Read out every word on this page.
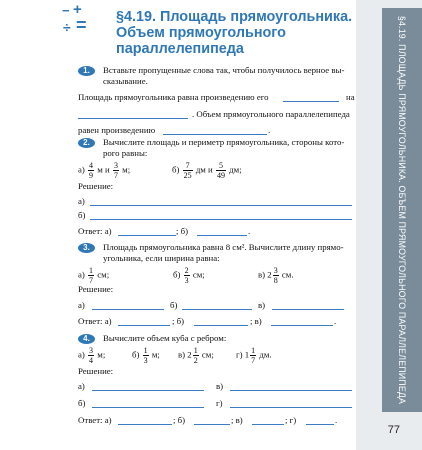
§4.19. ПЛОЩАДЬ ПРЯМОУГОЛЬНИКА. ОБЪЕМ ПРЯМОУГОЛЬНОГО ПАРАЛЛЕЛЕПИПЕДА
77
− +
÷ = §4.19. Площадь прямоугольника.
Объем прямоугольного
параллелепипеда
1.	Вставьте пропущенные слова так, чтобы получилось верное вы-
сказывание.
Площадь прямоугольника равна произведению его	на
. Объем прямоугольного параллелепипеда
равен произведению	.
2.	Вычислите площадь и периметр прямоугольника, стороны кото-
рого равны:
$а) \frac{4}{9}$ м и $\frac{3}{7} м$;	$б) \frac{7}{25}$ дм и $\frac{5}{49}$ дм;
Решение:
а)
б)
Ответ: а)	; б)	.
3.	Площадь прямоугольника равна 8 см². Вычислите длину прямо-
угольника, если ширина равна:
$а) \frac{1}{7}$ см;	$б) \frac{2}{3}$ см;	в) $2 \frac{3}{8}$ см.
Решение:
а)	б)	в)
Ответ: а)	; б)	; в)	.
4.	Вычислите объем куба с ребром:
$а) \frac{3}{4} м$;	$б) \frac{1}{3} м$; в) $2 \frac{1}{2}$ см;	г) $1 \frac{1}{7}$ дм.
Решение:
а)	в)
б)	г)
Ответ: а)	; б)	; в)	; г)	.
